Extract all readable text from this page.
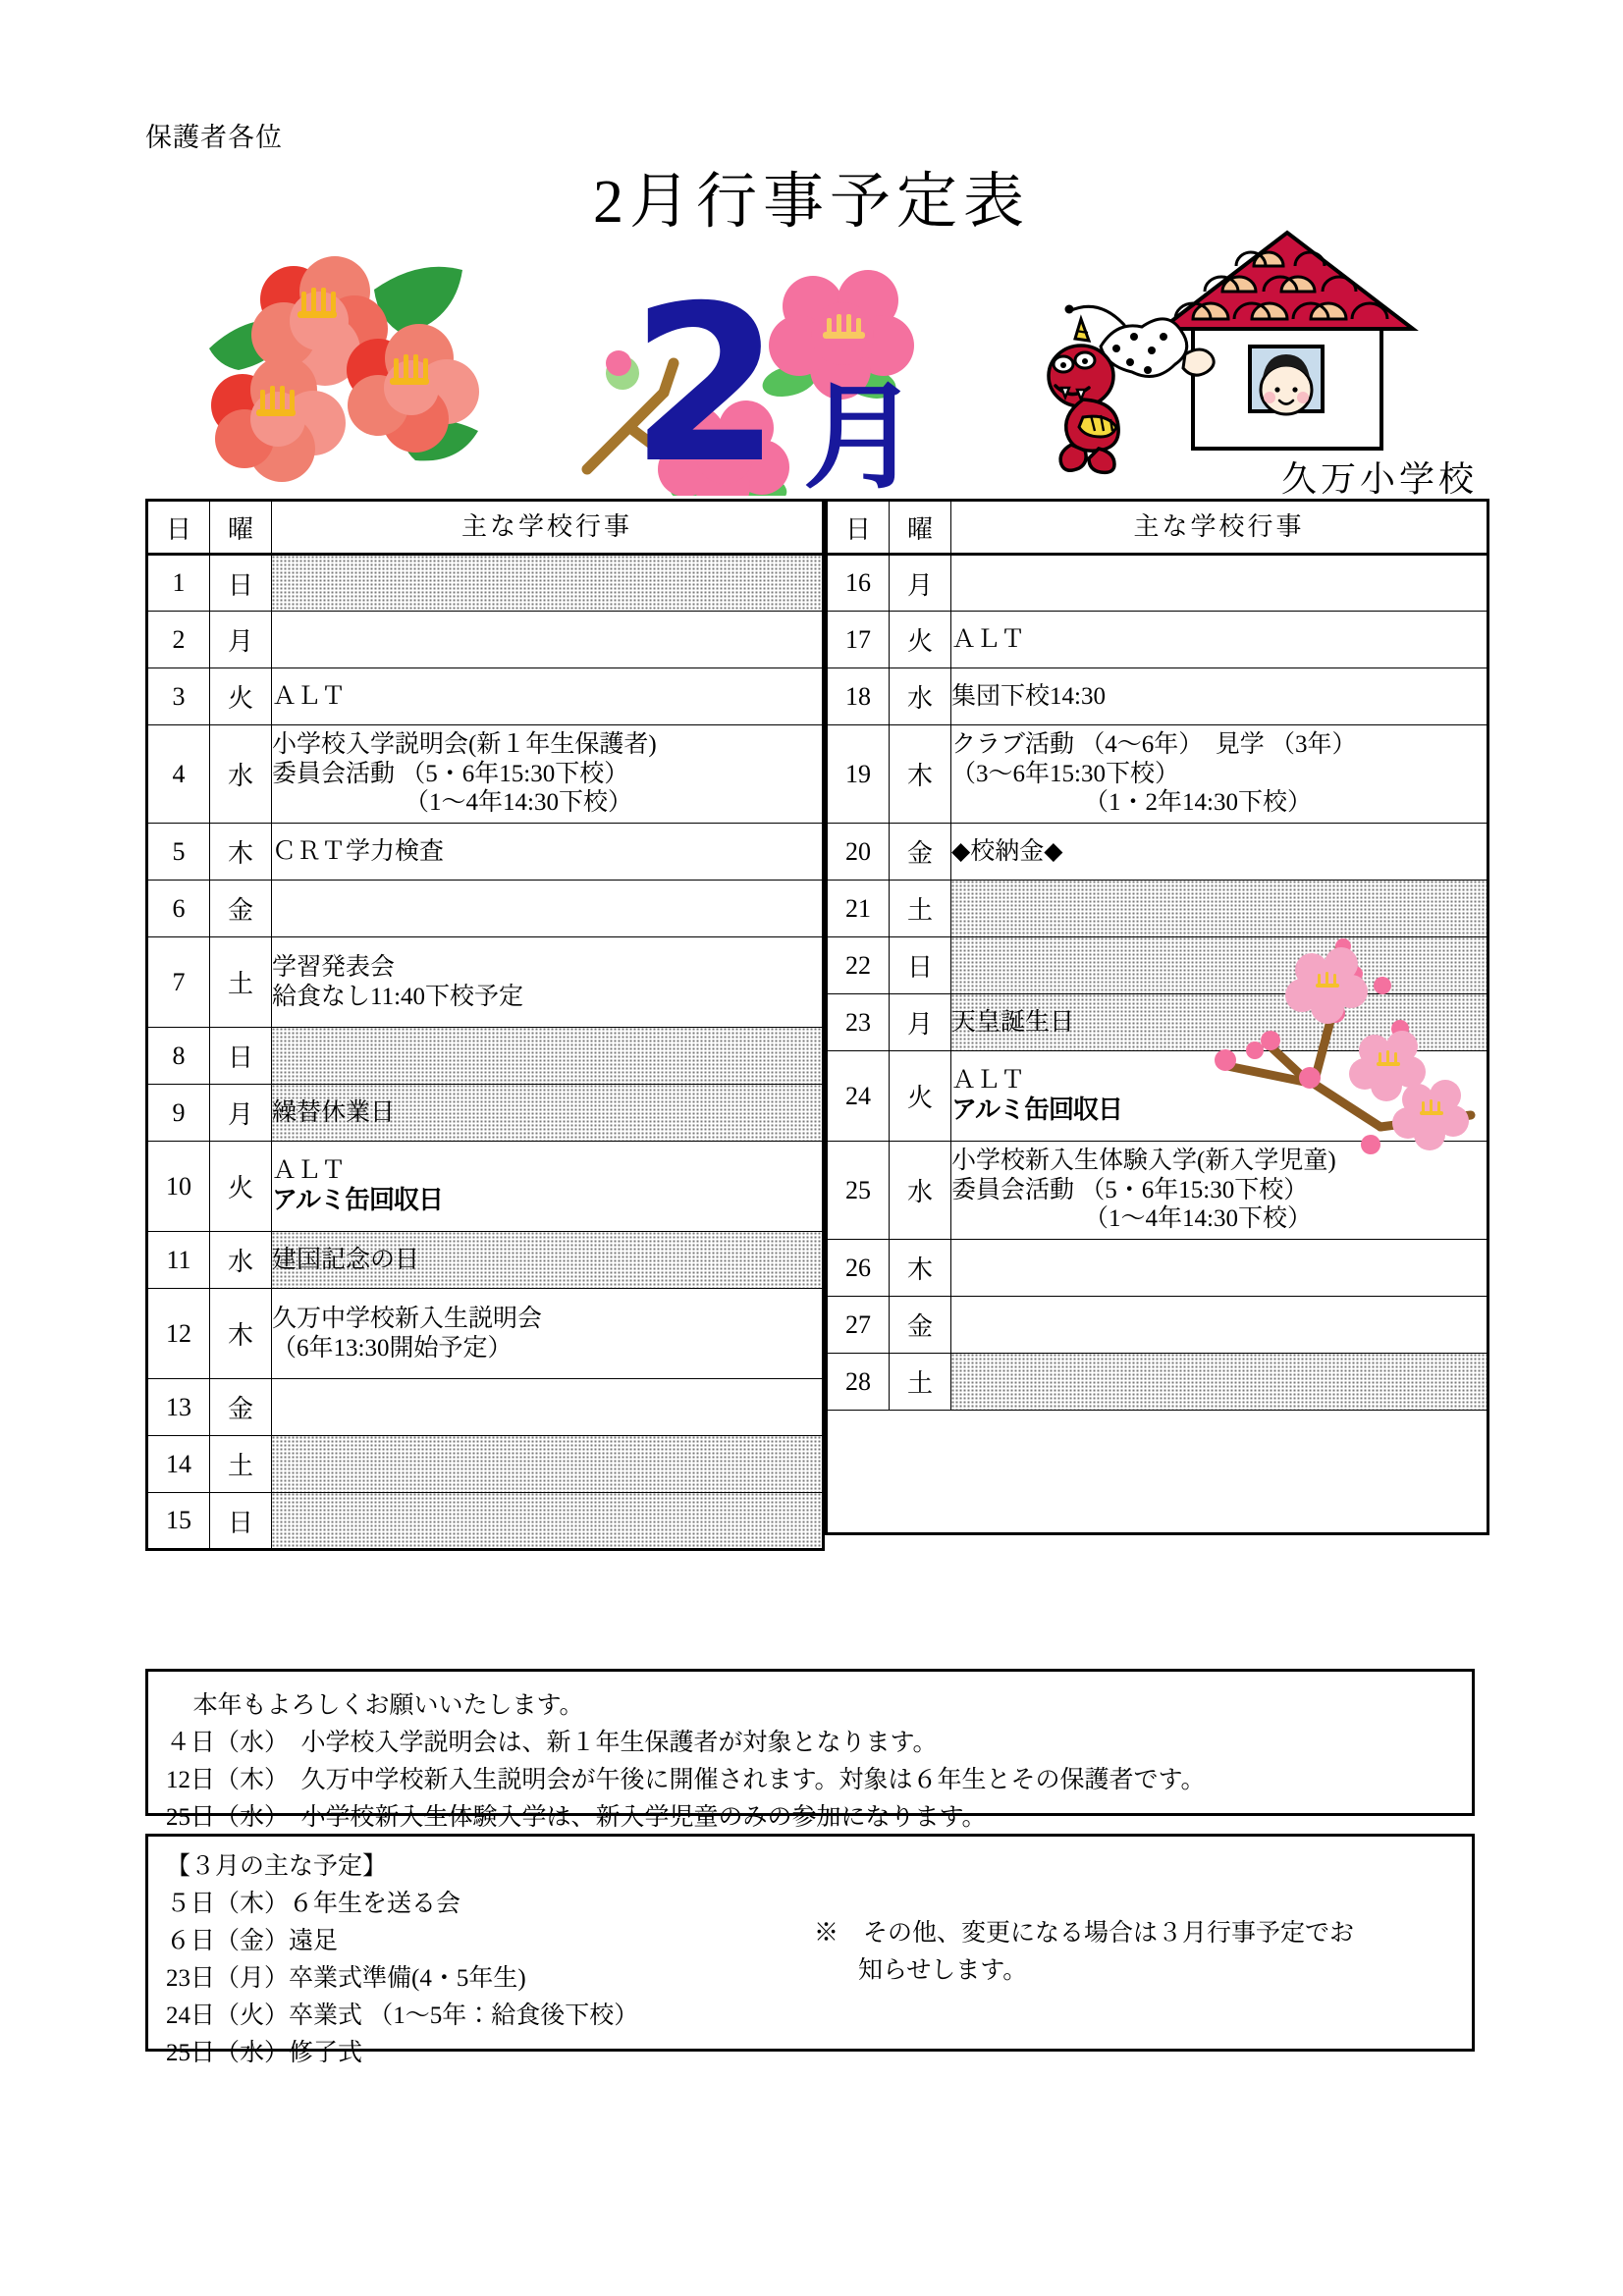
保護者各位
2月行事予定表
久万小学校
2 月
日	曜	主な学校行事
1	日	
2	月	
3	火	ＡＬＴ

4	水	小学校入学説明会(新１年生保護者)
委員会活動 （5・6年15:30下校）
（1〜4年14:30下校）

5	木	ＣＲＴ学力検査

6	金	
7	土	学習発表会
給食なし11:40下校予定

8	日	
9	月	繰替休業日

10	火	ＡＬＴ
アルミ缶回収日

11	水	建国記念の日

12	木	久万中学校新入生説明会
（6年13:30開始予定）

13	金	
14	土	
15	日	
日	曜	主な学校行事
16	月	
17	火	ＡＬＴ

18	水	集団下校14:30

19	木	クラブ活動 （4〜6年）　見学 （3年）
（3〜6年15:30下校）
（1・2年14:30下校）

20	金	◆校納金◆

21	土	
22	日	
23	月	天皇誕生日

24	火	ＡＬＴ
アルミ缶回収日

25	水	小学校新入生体験入学(新入学児童)
委員会活動 （5・6年15:30下校）
（1〜4年14:30下校）

26	木	
27	金	
28	土	

本年もよろしくお願いいたします。
４日（水）　小学校入学説明会は、新１年生保護者が対象となります。
12日（木）　久万中学校新入生説明会が午後に開催されます。対象は６年生とその保護者です。
25日（水）　小学校新入生体験入学は、新入学児童のみの参加になります。
【３月の主な予定】
５日（木）６年生を送る会
６日（金）遠足
23日（月）卒業式準備(4・5年生)
24日（火）卒業式 （1〜5年：給食後下校）
25日（水）修了式
※　その他、変更になる場合は３月行事予定でお
知らせします。
